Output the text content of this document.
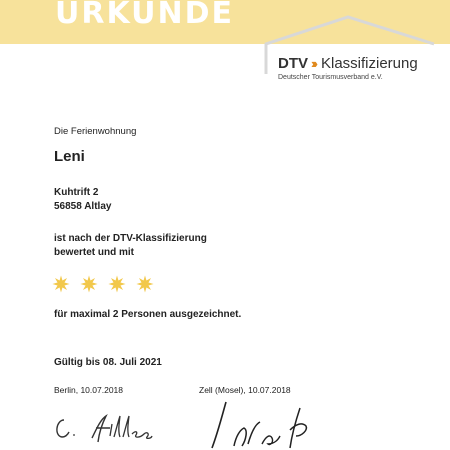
URKUNDE
DTV ››› Klassifizierung
Deutscher Tourismusverband e.V.
Die Ferienwohnung
Leni
Kuhtrift 2
56858 Altlay
ist nach der DTV-Klassifizierung
bewertet und mit
für maximal 2 Personen ausgezeichnet.
Gültig bis 08. Juli 2021
Berlin, 10.07.2018	Zell (Mosel), 10.07.2018
